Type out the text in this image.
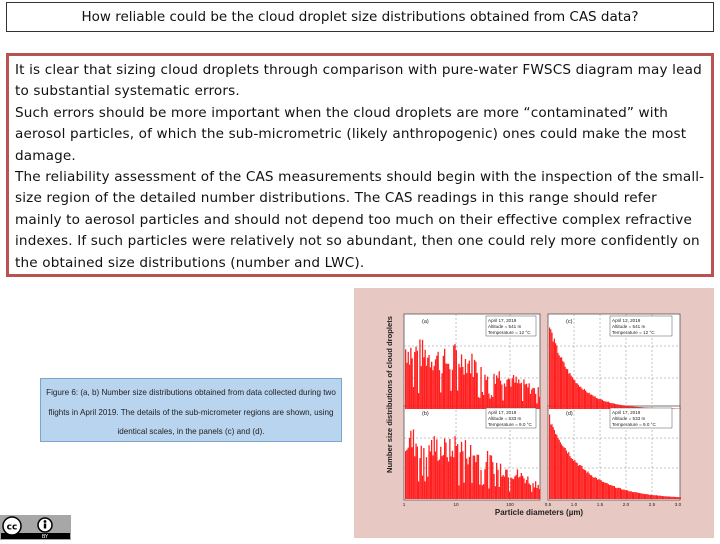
How reliable could be the cloud droplet size distributions obtained from CAS data?

It is clear that sizing cloud droplets through comparison with pure-water FWSCS diagram may lead to substantial systematic errors.

Such errors should be more important when the cloud droplets are more “contaminated” with aerosol particles, of which the sub-micrometric (likely anthropogenic) ones could make the most damage.

The reliability assessment of the CAS measurements should begin with the inspection of the small-size region of the detailed number distributions. The CAS readings in this range should refer mainly to aerosol particles and should not depend too much on their effective complex refractive indexes. If such particles were relatively not so abundant, then one could rely more confidently on the obtained size distributions (number and LWC).

Figure 6: (a, b) Number size distributions obtained from data collected during two flights in April 2019. The details of the sub-micrometer regions are shown, using identical scales, in the panels (c) and (d).	Number size distributions of cloud droplets
Particle diameters (µm)
April 17, 2019
Altitude = 541 m
Temperature = 12 °C
April 17, 2019
Altitude = 533 m
Temperature = 9.0 °C
April 13, 2019
Altitude = 541 m
Temperature = 12 °C
April 17, 2019
Altitude = 533 m
Temperature = 9.0 °C
(a)
(b)
(c)
(d)
1	10	100	0.5	1.0	1.5	2.0	2.5	3.0
cc
BY
